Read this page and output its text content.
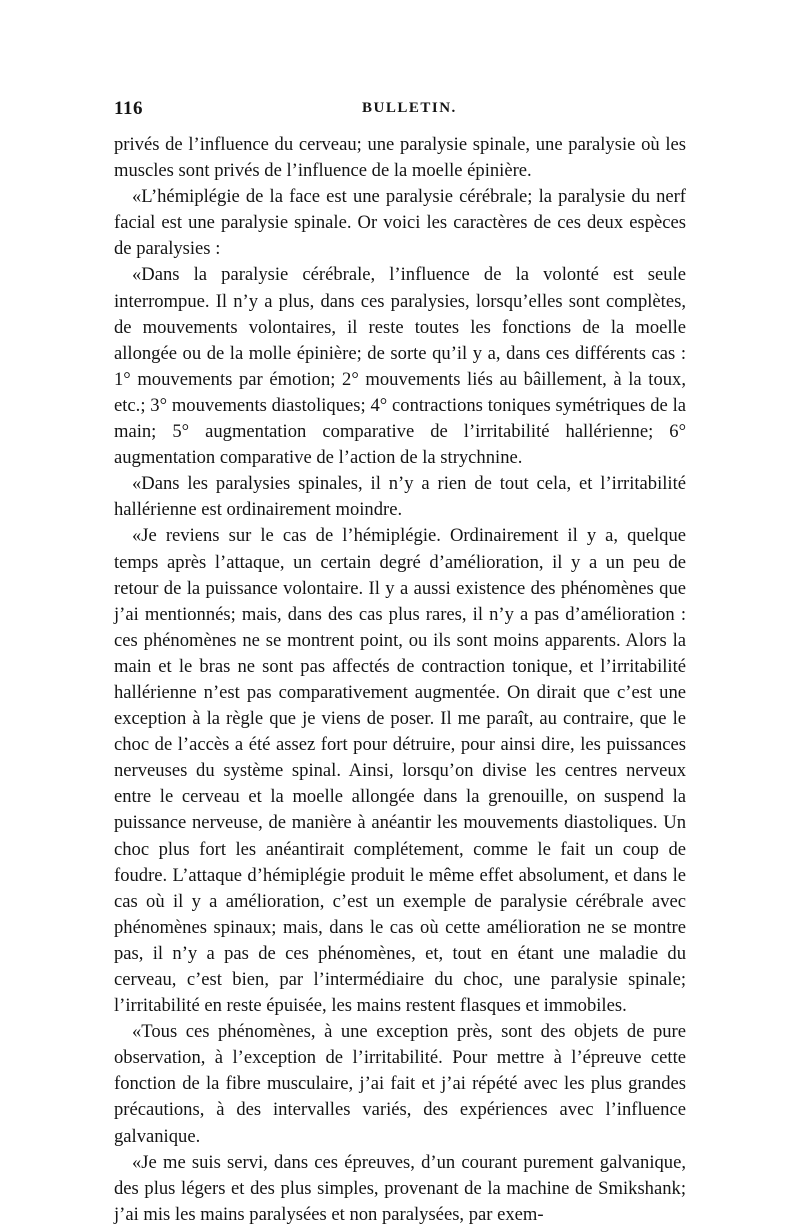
116	BULLETIN.

privés de l’influence du cerveau; une paralysie spinale, une paralysie où les muscles sont privés de l’influence de la moelle épinière.

«L’hémiplégie de la face est une paralysie cérébrale; la paralysie du nerf facial est une paralysie spinale. Or voici les caractères de ces deux espèces de paralysies :

«Dans la paralysie cérébrale, l’influence de la volonté est seule interrompue. Il n’y a plus, dans ces paralysies, lorsqu’elles sont complètes, de mouvements volontaires, il reste toutes les fonctions de la moelle allongée ou de la molle épinière; de sorte qu’il y a, dans ces différents cas : 1° mouvements par émotion; 2° mouvements liés au bâillement, à la toux, etc.; 3° mouvements diastoliques; 4° contractions toniques symétriques de la main; 5° augmentation comparative de l’irritabilité hallérienne; 6° augmentation comparative de l’action de la strychnine.

«Dans les paralysies spinales, il n’y a rien de tout cela, et l’irritabilité hallérienne est ordinairement moindre.

«Je reviens sur le cas de l’hémiplégie. Ordinairement il y a, quelque temps après l’attaque, un certain degré d’amélioration, il y a un peu de retour de la puissance volontaire. Il y a aussi existence des phénomènes que j’ai mentionnés; mais, dans des cas plus rares, il n’y a pas d’amélioration : ces phénomènes ne se montrent point, ou ils sont moins apparents. Alors la main et le bras ne sont pas affectés de contraction tonique, et l’irritabilité hallérienne n’est pas comparativement augmentée. On dirait que c’est une exception à la règle que je viens de poser. Il me paraît, au contraire, que le choc de l’accès a été assez fort pour détruire, pour ainsi dire, les puissances nerveuses du système spinal. Ainsi, lorsqu’on divise les centres nerveux entre le cerveau et la moelle allongée dans la grenouille, on suspend la puissance nerveuse, de manière à anéantir les mouvements diastoliques. Un choc plus fort les anéantirait complétement, comme le fait un coup de foudre. L’attaque d’hémiplégie produit le même effet absolument, et dans le cas où il y a amélioration, c’est un exemple de paralysie cérébrale avec phénomènes spinaux; mais, dans le cas où cette amélioration ne se montre pas, il n’y a pas de ces phénomènes, et, tout en étant une maladie du cerveau, c’est bien, par l’intermédiaire du choc, une paralysie spinale; l’irritabilité en reste épuisée, les mains restent flasques et immobiles.

«Tous ces phénomènes, à une exception près, sont des objets de pure observation, à l’exception de l’irritabilité. Pour mettre à l’épreuve cette fonction de la fibre musculaire, j’ai fait et j’ai répété avec les plus grandes précautions, à des intervalles variés, des expériences avec l’influence galvanique.

«Je me suis servi, dans ces épreuves, d’un courant purement galvanique, des plus légers et des plus simples, provenant de la machine de Smikshank; j’ai mis les mains paralysées et non paralysées, par exem-
